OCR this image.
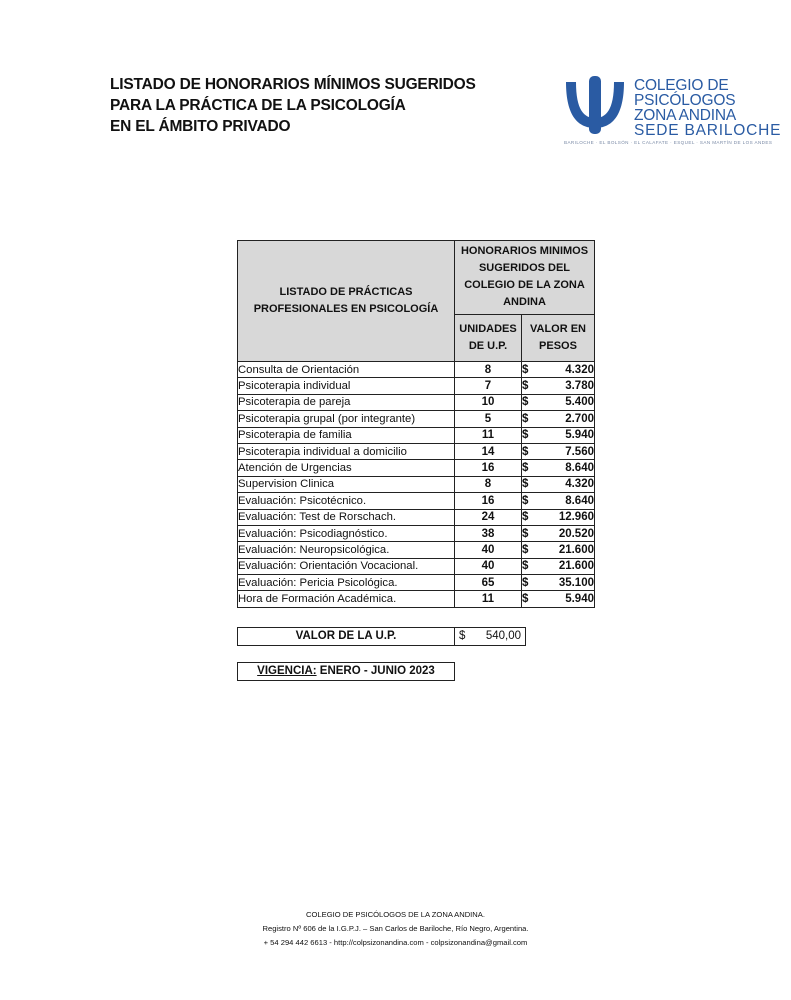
LISTADO DE HONORARIOS MÍNIMOS SUGERIDOS
PARA LA PRÁCTICA DE LA PSICOLOGÍA
EN EL ÁMBITO PRIVADO
COLEGIO DE
PSICÓLOGOS
ZONA ANDINA
SEDE BARILOCHE
BARILOCHE · EL BOLSÓN · EL CALAFATE · ESQUEL · SAN MARTÍN DE LOS ANDES
LISTADO DE PRÁCTICAS PROFESIONALES EN PSICOLOGÍA	HONORARIOS MINIMOS SUGERIDOS DEL COLEGIO DE LA ZONA ANDINA	
	UNIDADES DE U.P.	VALOR EN PESOS
Consulta de Orientación	8	$ 4.320

Psicoterapia individual	7	$ 3.780

Psicoterapia de pareja	10	$ 5.400

Psicoterapia grupal (por integrante)	5	$ 2.700

Psicoterapia de familia	11	$ 5.940

Psicoterapia individual a domicilio	14	$ 7.560

Atención de Urgencias	16	$ 8.640

Supervision Clinica	8	$ 4.320

Evaluación: Psicotécnico.	16	$ 8.640

Evaluación: Test de Rorschach.	24	$ 12.960

Evaluación: Psicodiagnóstico.	38	$ 20.520

Evaluación: Neuropsicológica.	40	$ 21.600

Evaluación: Orientación Vocacional.	40	$ 21.600

Evaluación: Pericia Psicológica.	65	$ 35.100

Hora de Formación Académica.	11	$ 5.940
VALOR DE LA U.P.	$ 540,00
VIGENCIA: ENERO - JUNIO 2023
COLEGIO DE PSICÓLOGOS DE LA ZONA ANDINA.
Registro Nº 606 de la I.G.P.J. – San Carlos de Bariloche, Río Negro, Argentina.
+ 54 294 442 6613 - http://colpsizonandina.com - colpsizonandina@gmail.com
